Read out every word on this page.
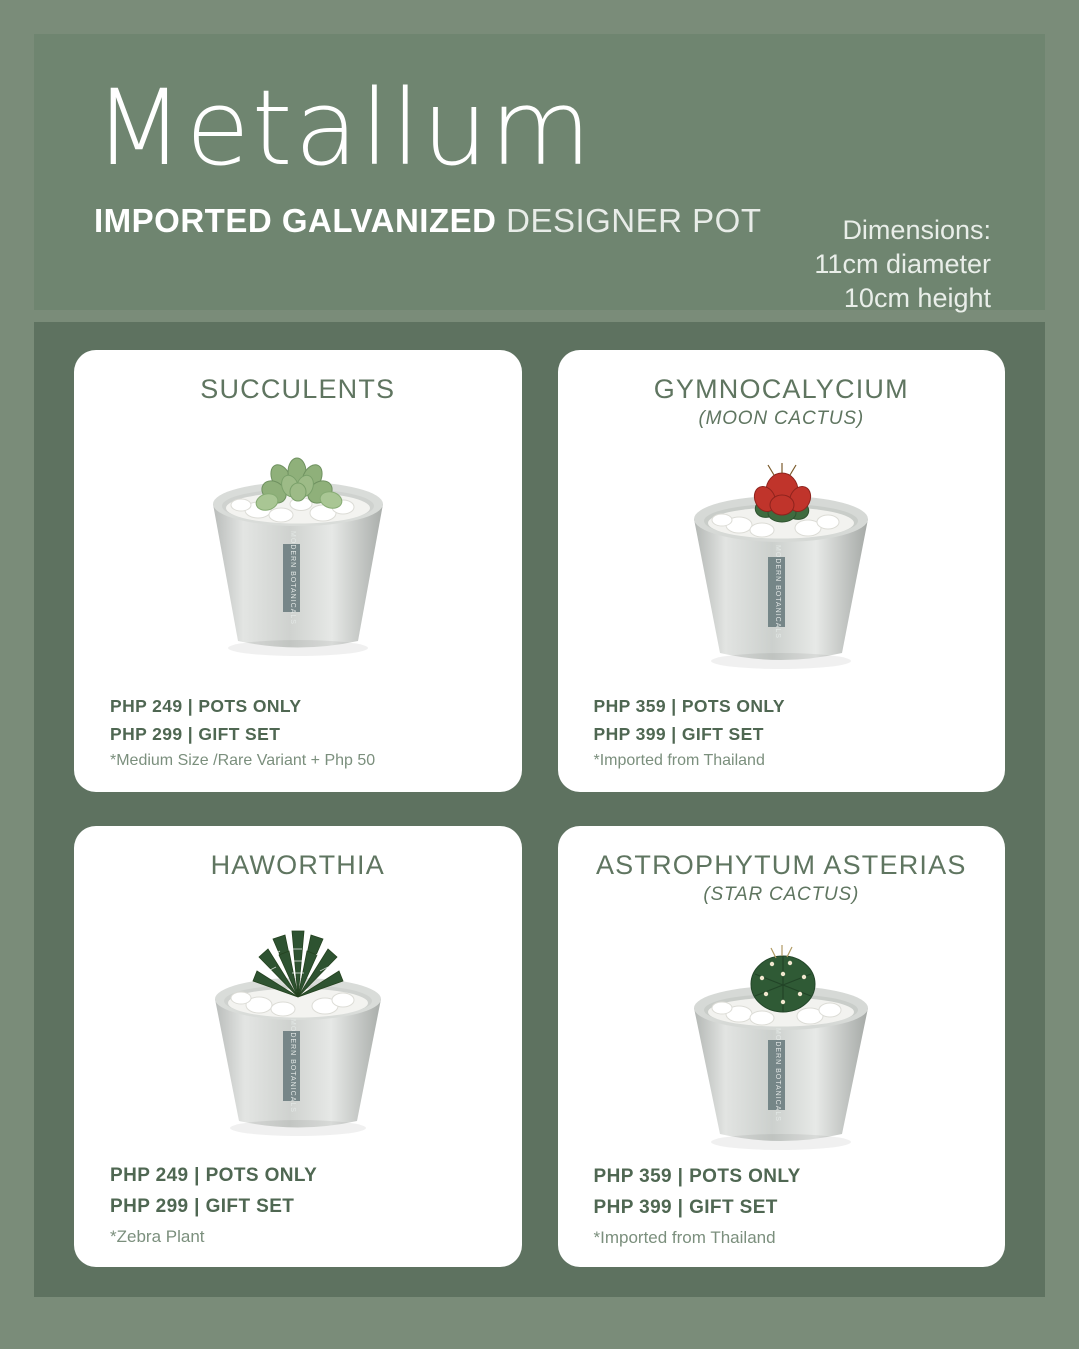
Metallum
IMPORTED GALVANIZED DESIGNER POT	Dimensions:
11cm diameter
10cm height
SUCCULENTS
MODERN BOTANICALS
PHP 249 | POTS ONLY
PHP 299 | GIFT SET
*Medium Size /Rare Variant + Php 50
GYMNOCALYCIUM
(MOON CACTUS)
MODERN BOTANICALS
PHP 359 | POTS ONLY
PHP 399 | GIFT SET
*Imported from Thailand
HAWORTHIA
MODERN BOTANICALS
PHP 249 | POTS ONLY
PHP 299 | GIFT SET
*Zebra Plant
ASTROPHYTUM ASTERIAS
(STAR CACTUS)
MODERN BOTANICALS
PHP 359 | POTS ONLY
PHP 399 | GIFT SET
*Imported from Thailand
